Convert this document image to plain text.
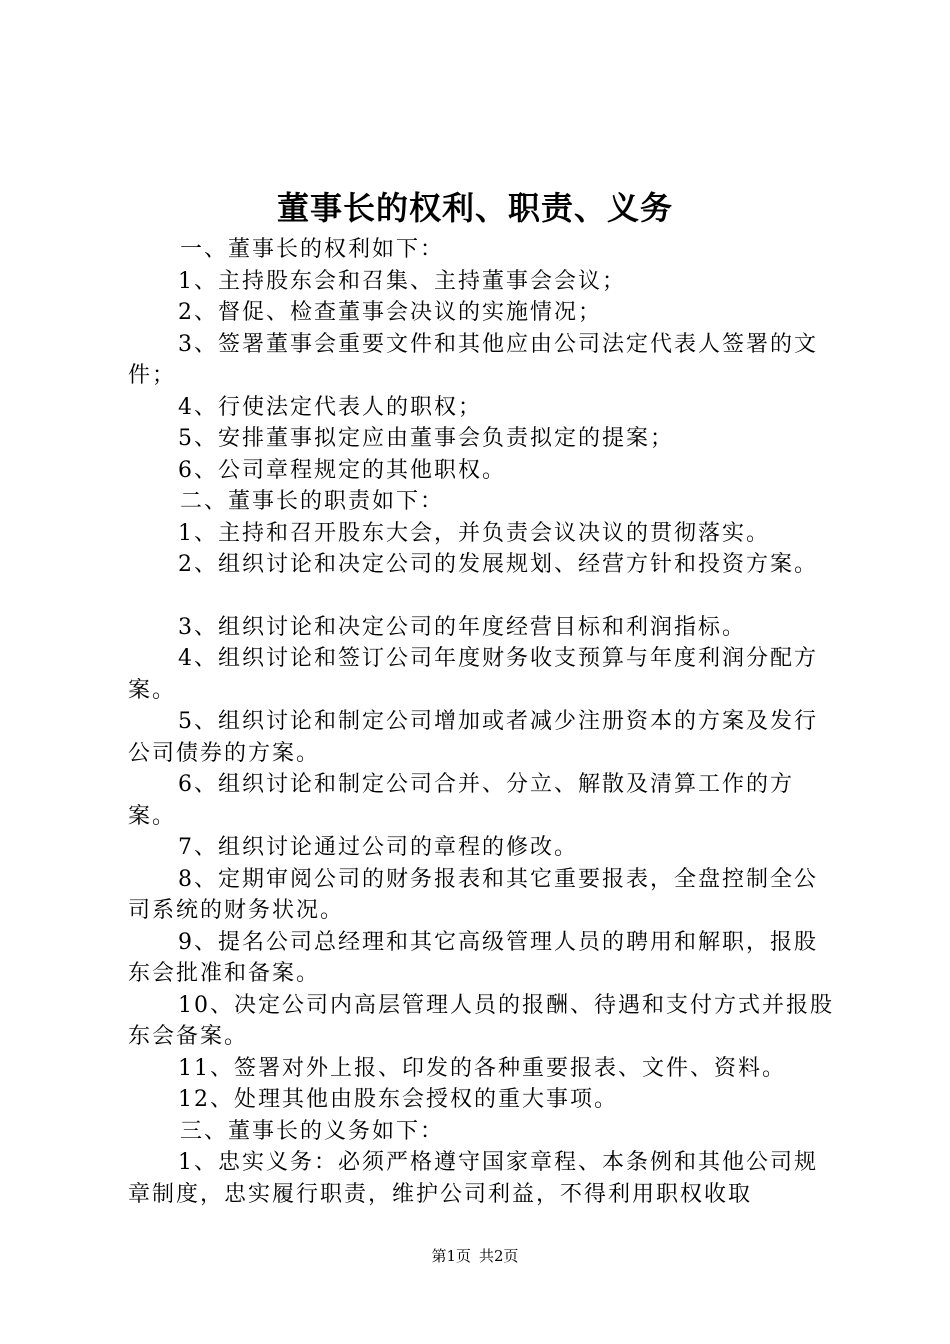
董事长的权利、职责、义务

一、董事长的权利如下：

1、主持股东会和召集、主持董事会会议；

2、督促、检查董事会决议的实施情况；

3、签署董事会重要文件和其他应由公司法定代表人签署的文件；

4、行使法定代表人的职权；

5、安排董事拟定应由董事会负责拟定的提案；

6、公司章程规定的其他职权。

二、董事长的职责如下：

1、主持和召开股东大会，并负责会议决议的贯彻落实。

2、组织讨论和决定公司的发展规划、经营方针和投资方案。

3、组织讨论和决定公司的年度经营目标和利润指标。

4、组织讨论和签订公司年度财务收支预算与年度利润分配方案。

5、组织讨论和制定公司增加或者减少注册资本的方案及发行公司债券的方案。

6、组织讨论和制定公司合并、分立、解散及清算工作的方案。

7、组织讨论通过公司的章程的修改。

8、定期审阅公司的财务报表和其它重要报表，全盘控制全公司系统的财务状况。

9、提名公司总经理和其它高级管理人员的聘用和解职，报股东会批准和备案。

10、决定公司内高层管理人员的报酬、待遇和支付方式并报股东会备案。

11、签署对外上报、印发的各种重要报表、文件、资料。

12、处理其他由股东会授权的重大事项。

三、董事长的义务如下：

1、忠实义务：必须严格遵守国家章程、本条例和其他公司规章制度，忠实履行职责，维护公司利益，不得利用职权收取

第1页 共2页
